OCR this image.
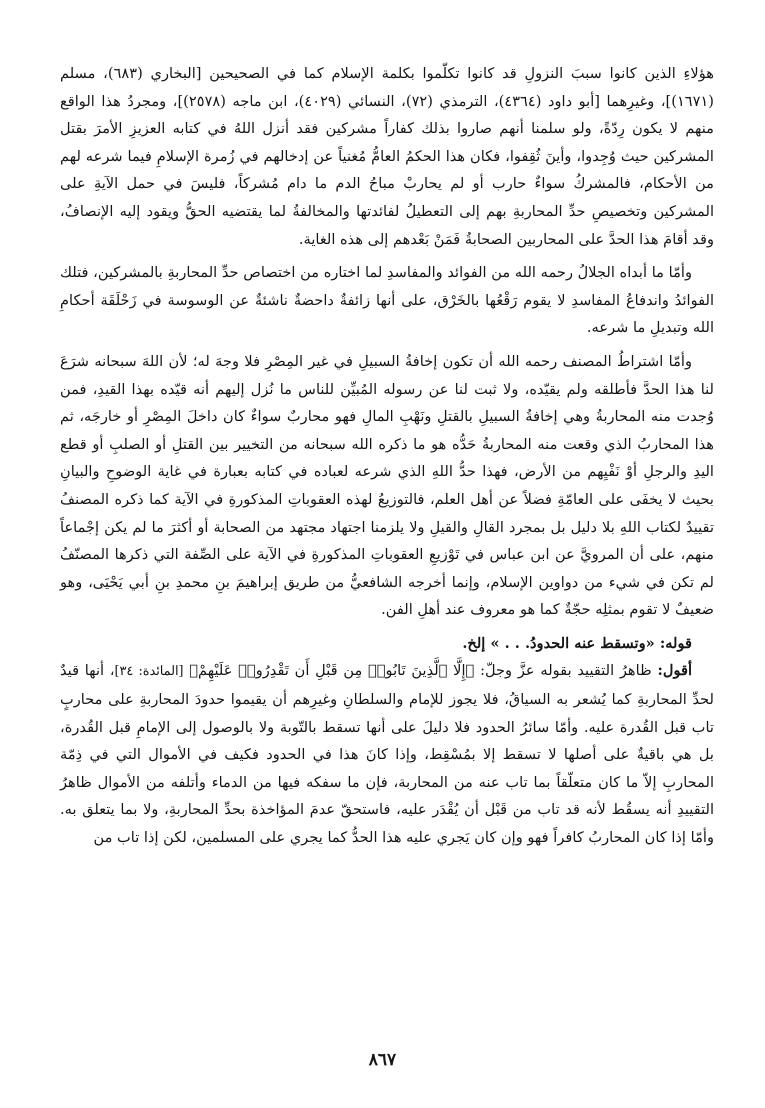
هؤلاءِ الذين كانوا سببَ النزولِ قد كانوا تكلّموا بكلمة الإسلام كما في الصحيحين [البخاري (٦٨٣)، مسلم (١٦٧١)]، وغيرِهما [أبو داود (٤٣٦٤)، الترمذي (٧٢)، النسائي (٤٠٢٩)، ابن ماجه (٢٥٧٨)]، ومجردُ هذا الواقع منهم لا يكون رِدّةً، ولو سلمنا أنهم صاروا بذلك كفاراً مشركين فقد أنزل اللهُ في كتابه العزيزِ الأمرَ بقتل المشركين حيث وُجِدوا، وأينَ ثُقِفوا، فكان هذا الحكمُ العامُّ مُغنياً عن إدخالهم في زُمرة الإسلامِ فيما شرعه لهم من الأحكام، فالمشركُ سواءٌ حارب أو لم يحاربْ مباحُ الدم ما دام مُشركاً، فليسَ في حمل الآيةِ على المشركين وتخصيصِ حدِّ المحاربةِ بهم إلى التعطيلُ لفائدتها والمخالفةُ لما يقتضيه الحقُّ ويقود إليه الإنصافُ، وقد أقامَ هذا الحدَّ على المحاربين الصحابةُ فَمَنْ بَعْدهم إلى هذه الغاية.

وأمّا ما أبداه الجلالُ رحمه الله من الفوائد والمفاسدِ لما اختاره من اختصاص حدِّ المحاربةِ بالمشركين، فتلك الفوائدُ واندفاعُ المفاسدِ لا يقوم رَقْعُها بالخَرْق، على أنها زائفةٌ داحضةٌ ناشئةٌ عن الوسوسة في زَحْلَقَة أحكامِ الله وتبديلِ ما شرعه.

وأمّا اشتراطُ المصنف رحمه الله أن تكون إخافةُ السبيلِ في غير المِصْرِ فلا وجهَ له؛ لأن اللهَ سبحانه شرَعَ لنا هذا الحدَّ فأطلقه ولم يقيّده، ولا ثبت لنا عن رسوله المُبيِّن للناس ما نُزل إليهم أنه قيّده بهذا القيدِ، فمن وُجدت منه المحاربةُ وهي إخافةُ السبيلِ بالقتلِ ونَهْبِ المالِ فهو محاربٌ سواءٌ كان داخلَ المِصْرِ أو خارجَه، ثم هذا المحاربُ الذي وقعت منه المحاربةُ حَدُّه هو ما ذكره الله سبحانه من التخيير بين القتلِ أو الصلبِ أو قطع اليدِ والرجلِ أوْ نَفْيِهم من الأرض، فهذا حدُّ اللهِ الذي شرعه لعباده في كتابه بعبارة في غاية الوضوحِ والبيانِ بحيث لا يخفَى على العامّةِ فضلاً عن أهل العلم، فالتوزيعُ لهذه العقوباتِ المذكورةِ في الآية كما ذكره المصنفُ تقييدٌ لكتاب اللهِ بلا دليل بل بمجرد القالِ والقيلِ ولا يلزمنا اجتهاد مجتهد من الصحابة أو أكثرَ ما لم يكن إجْماعاً منهم، على أن المرويَّ عن ابن عباس في تَوْزيعِ العقوباتِ المذكورةِ في الآية على الصِّفة التي ذكرها المصنّفُ لم تكن في شيء من دواوين الإسلام، وإنما أخرجه الشافعيُّ من طريق إبراهيمَ بنِ محمدِ بنِ أبي يَحْيَى، وهو ضعيفٌ لا تقوم بمثلِه حجّةٌ كما هو معروف عند أهلِ الفن.

قوله: «وتسقط عنه الحدودُ. . . » إلخ.

أقول: ظاهرُ التقييد بقوله عزَّ وجلّ: ﴿إِلَّا ٱلَّذِينَ تَابُوا۟ مِن قَبْلِ أَن تَقْدِرُوا۟ عَلَيْهِمْ﴾ [المائدة: ٣٤]، أنها قيدٌ لحدِّ المحاربةِ كما يُشعر به السياقُ، فلا يجوز للإمام والسلطانِ وغيرِهم أن يقيموا حدودَ المحاربةِ على محاربٍ تاب قبل القُدرة عليه. وأمّا سائرُ الحدود فلا دليلَ على أنها تسقط بالتّوبة ولا بالوصول إلى الإمامِ قبل القُدرة، بل هي باقيةٌ على أصلها لا تسقط إلا بمُسْقِط، وإذا كانَ هذا في الحدود فكيف في الأموال التي في ذِمّة المحاربِ إلاّ ما كان متعلّقاً بما تاب عنه من المحاربة، فإن ما سفكه فيها من الدماء وأتلفه من الأموال ظاهرُ التقييدِ أنه يسقُط لأنه قد تاب من قَبْل أن يُقْدَر عليه، فاستحقّ عدمَ المؤاخذة بحدِّ المحاربةِ، ولا بما يتعلق به. وأمّا إذا كان المحاربُ كافراً فهو وإن كان يَجري عليه هذا الحدُّ كما يجري على المسلمين، لكن إذا تاب من

٨٦٧
